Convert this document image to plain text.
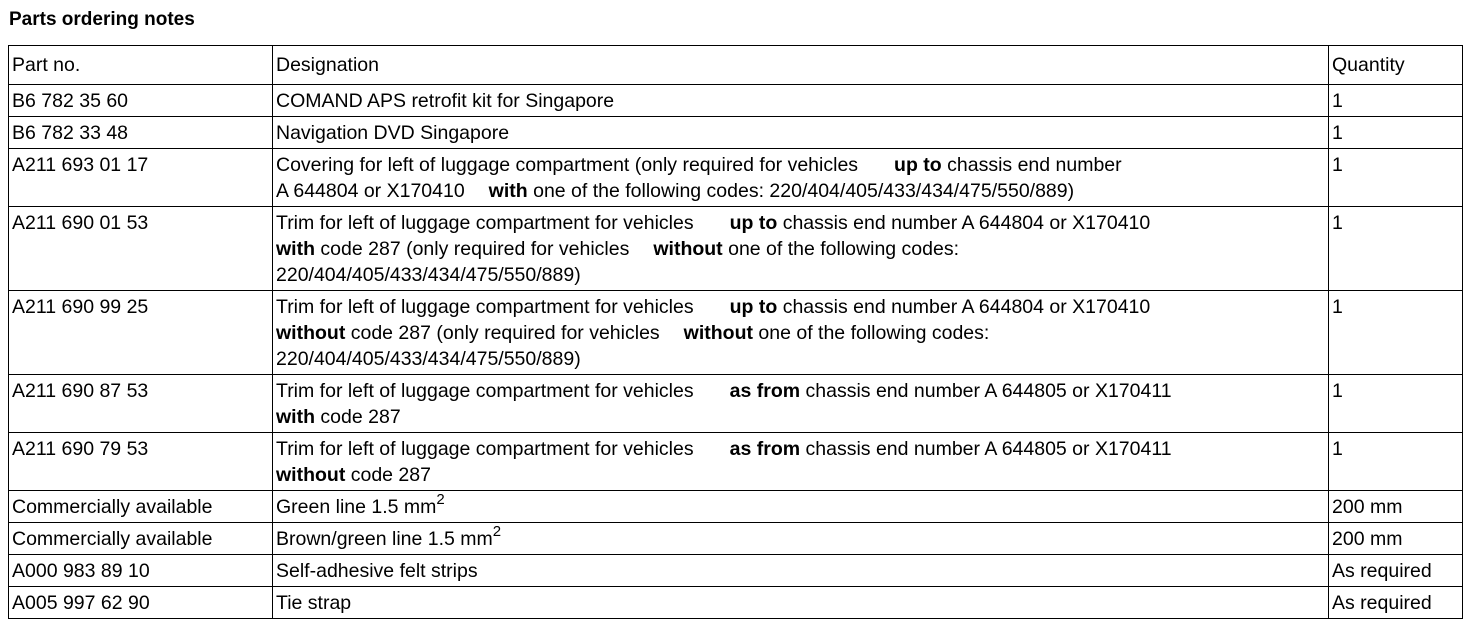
Parts ordering notes
Part no.	Designation	Quantity
B6 782 35 60	COMAND APS retrofit kit for Singapore	1
B6 782 33 48	Navigation DVD Singapore	1
A211 693 01 17	Covering for left of luggage compartment (only required for vehicles up to chassis end number
A 644804 or X170410 with one of the following codes: 220/404/405/433/434/475/550/889)	1
A211 690 01 53	Trim for left of luggage compartment for vehicles up to chassis end number A 644804 or X170410
with code 287 (only required for vehicles without one of the following codes:
220/404/405/433/434/475/550/889)	1
A211 690 99 25	Trim for left of luggage compartment for vehicles up to chassis end number A 644804 or X170410
without code 287 (only required for vehicles without one of the following codes:
220/404/405/433/434/475/550/889)	1
A211 690 87 53	Trim for left of luggage compartment for vehicles as from chassis end number A 644805 or X170411
with code 287	1
A211 690 79 53	Trim for left of luggage compartment for vehicles as from chassis end number A 644805 or X170411
without code 287	1
Commercially available	Green line 1.5 $mm^2$	200 mm
Commercially available	Brown/green line 1.5 $mm^2$	200 mm
A000 983 89 10	Self-adhesive felt strips	As required
A005 997 62 90	Tie strap	As required
